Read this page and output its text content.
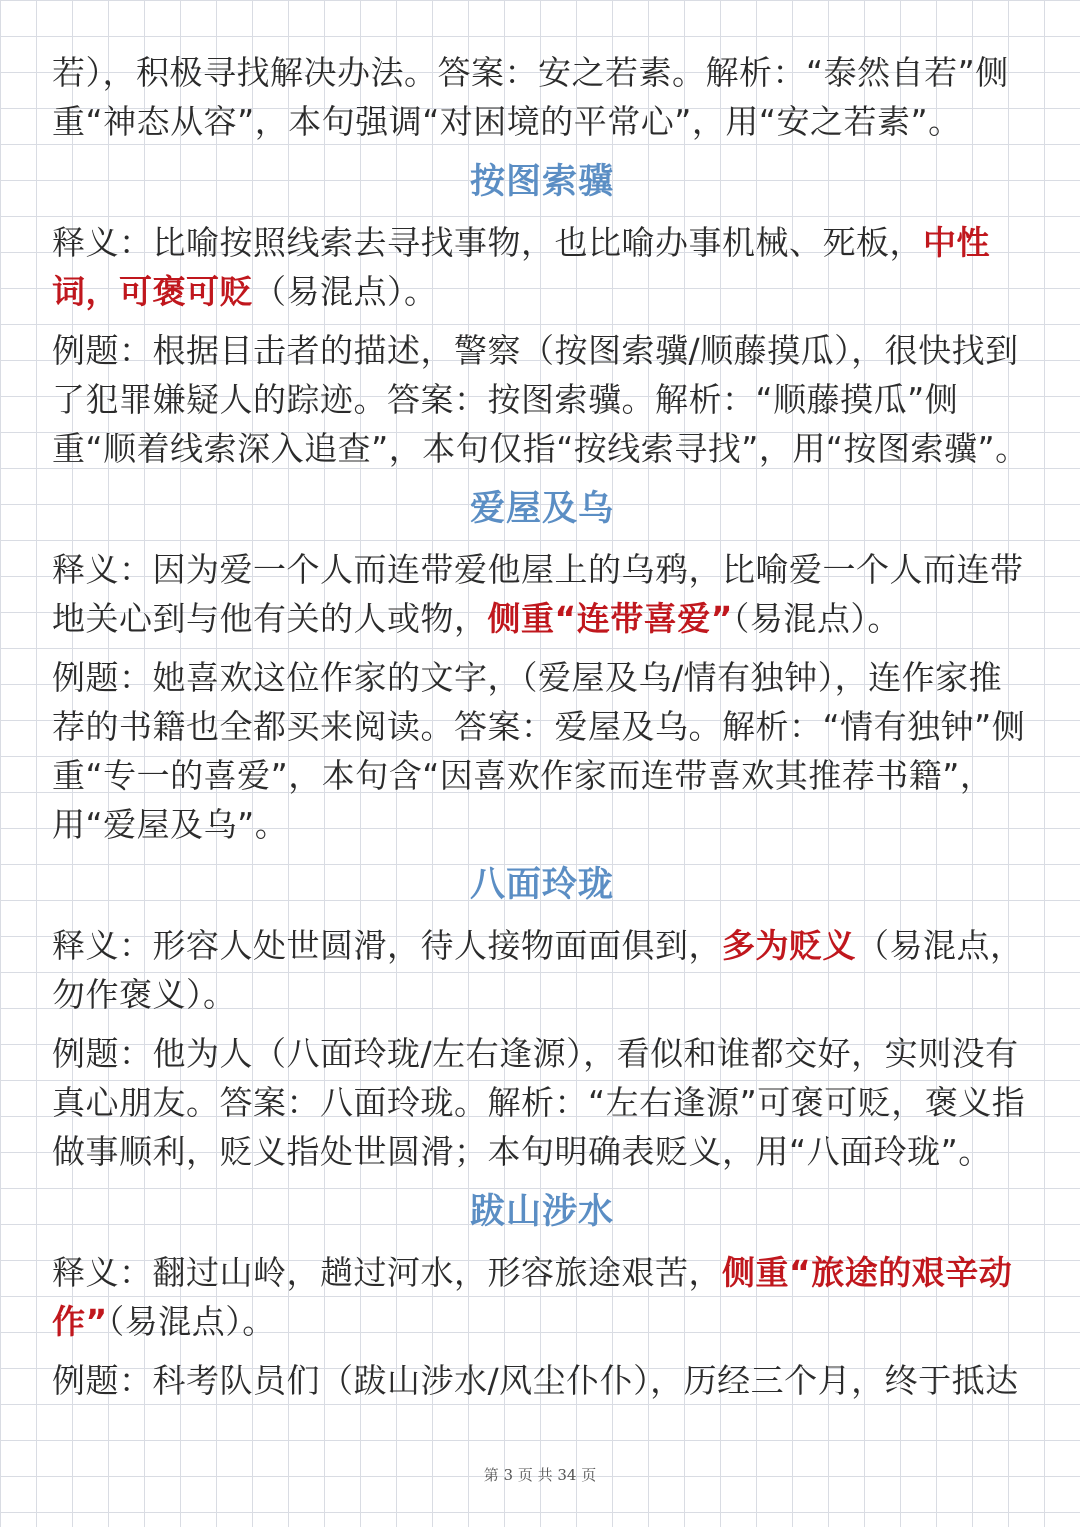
若），积极寻找解决办法。答案：安之若素。解析：“泰然自若”侧重“神态从容”，本句强调“对困境的平常心”，用“安之若素”。

按图索骥

释义：比喻按照线索去寻找事物，也比喻办事机械、死板，中性词，可褒可贬（易混点）。

例题：根据目击者的描述，警察（按图索骥/顺藤摸瓜），很快找到了犯罪嫌疑人的踪迹。答案：按图索骥。解析：“顺藤摸瓜”侧重“顺着线索深入追查”，本句仅指“按线索寻找”，用“按图索骥”。

爱屋及乌

释义：因为爱一个人而连带爱他屋上的乌鸦，比喻爱一个人而连带地关心到与他有关的人或物，侧重“连带喜爱”（易混点）。

例题：她喜欢这位作家的文字，（爱屋及乌/情有独钟），连作家推荐的书籍也全都买来阅读。答案：爱屋及乌。解析：“情有独钟”侧重“专一的喜爱”，本句含“因喜欢作家而连带喜欢其推荐书籍”，用“爱屋及乌”。

八面玲珑

释义：形容人处世圆滑，待人接物面面俱到，多为贬义（易混点，勿作褒义）。

例题：他为人（八面玲珑/左右逢源），看似和谁都交好，实则没有真心朋友。答案：八面玲珑。解析：“左右逢源”可褒可贬，褒义指做事顺利，贬义指处世圆滑；本句明确表贬义，用“八面玲珑”。

跋山涉水

释义：翻过山岭，趟过河水，形容旅途艰苦，侧重“旅途的艰辛动作”（易混点）。

例题：科考队员们（跋山涉水/风尘仆仆），历经三个月，终于抵达

第 3 页 共 34 页
